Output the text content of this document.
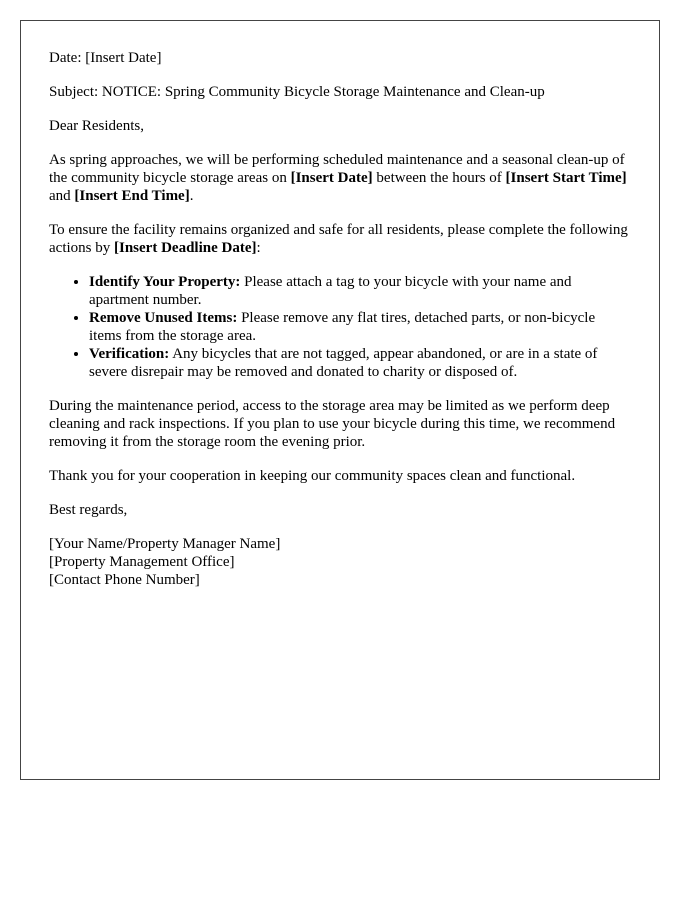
Date: [Insert Date]

Subject: NOTICE: Spring Community Bicycle Storage Maintenance and Clean-up

Dear Residents,

As spring approaches, we will be performing scheduled maintenance and a seasonal clean-up of the community bicycle storage areas on [Insert Date] between the hours of [Insert Start Time] and [Insert End Time].

To ensure the facility remains organized and safe for all residents, please complete the following actions by [Insert Deadline Date]:

• Identify Your Property: Please attach a tag to your bicycle with your name and apartment number.
• Remove Unused Items: Please remove any flat tires, detached parts, or non-bicycle items from the storage area.
• Verification: Any bicycles that are not tagged, appear abandoned, or are in a state of severe disrepair may be removed and donated to charity or disposed of.

During the maintenance period, access to the storage area may be limited as we perform deep cleaning and rack inspections. If you plan to use your bicycle during this time, we recommend removing it from the storage room the evening prior.

Thank you for your cooperation in keeping our community spaces clean and functional.

Best regards,

[Your Name/Property Manager Name]
[Property Management Office]
[Contact Phone Number]
